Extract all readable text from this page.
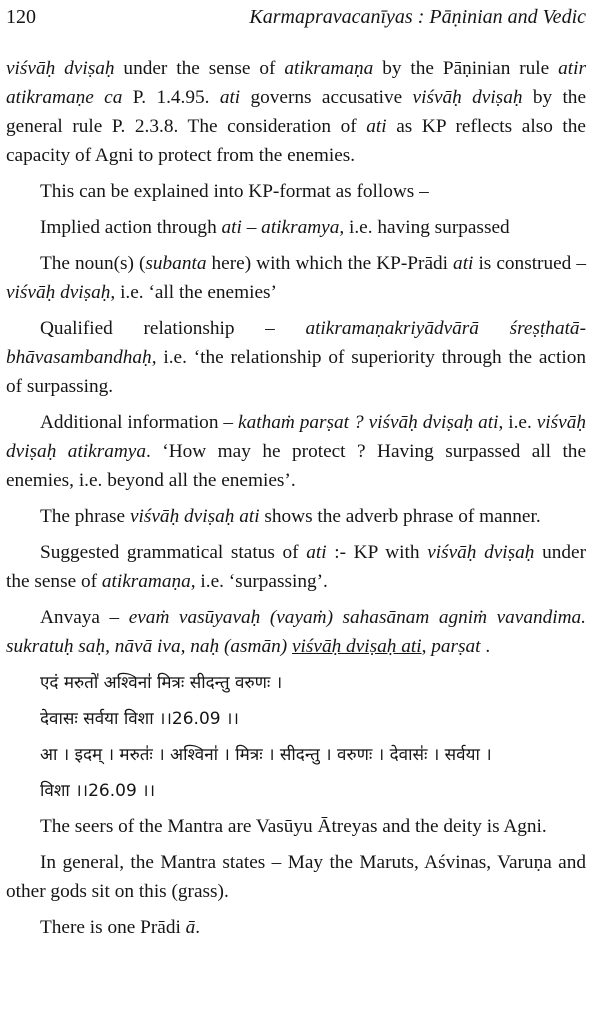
120	Karmapravacanīyas : Pāṇinian and Vedic

viśvāḥ dviṣaḥ under the sense of atikramaṇa by the Pāṇinian rule atir atikramaṇe ca P. 1.4.95. ati governs accusative viśvāḥ dviṣaḥ by the general rule P. 2.3.8. The consideration of ati as KP reflects also the capacity of Agni to protect from the enemies.

This can be explained into KP-format as follows –

Implied action through ati – atikramya, i.e. having surpassed

The noun(s) (subanta here) with which the KP-Prādi ati is construed – viśvāḥ dviṣaḥ, i.e. ‘all the enemies’

Qualified relationship – atikramaṇakriyādvārā śreṣṭhatā-bhāvasambandhaḥ, i.e. ‘the relationship of superiority through the action of surpassing.

Additional information – kathaṁ parṣat ? viśvāḥ dviṣaḥ ati, i.e. viśvāḥ dviṣaḥ atikramya. ‘How may he protect ? Having surpassed all the enemies, i.e. beyond all the enemies’.

The phrase viśvāḥ dviṣaḥ ati shows the adverb phrase of manner.

Suggested grammatical status of ati :- KP with viśvāḥ dviṣaḥ under the sense of atikramaṇa, i.e. ‘surpassing’.

Anvaya – evaṁ vasūyavaḥ (vayaṁ) sahasānam agniṁ vavandima. sukratuḥ saḥ, nāvā iva, naḥ (asmān) viśvāḥ dviṣaḥ ati, parṣat .

एदं मरुतो॑ अश्विना॑ मित्रः सीदन्तु वरुणः ।

देवासः सर्वया विशा ।।26.09 ।।

आ । इदम् । मरुतः॑ । अश्विना॑ । मित्रः । सीदन्तु । वरुणः । देवासः॑ । सर्वया ।

विशा ।।26.09 ।।

The seers of the Mantra are Vasūyu Ātreyas and the deity is Agni.

In general, the Mantra states – May the Maruts, Aśvinas, Varuṇa and other gods sit on this (grass).

There is one Prādi ā.
